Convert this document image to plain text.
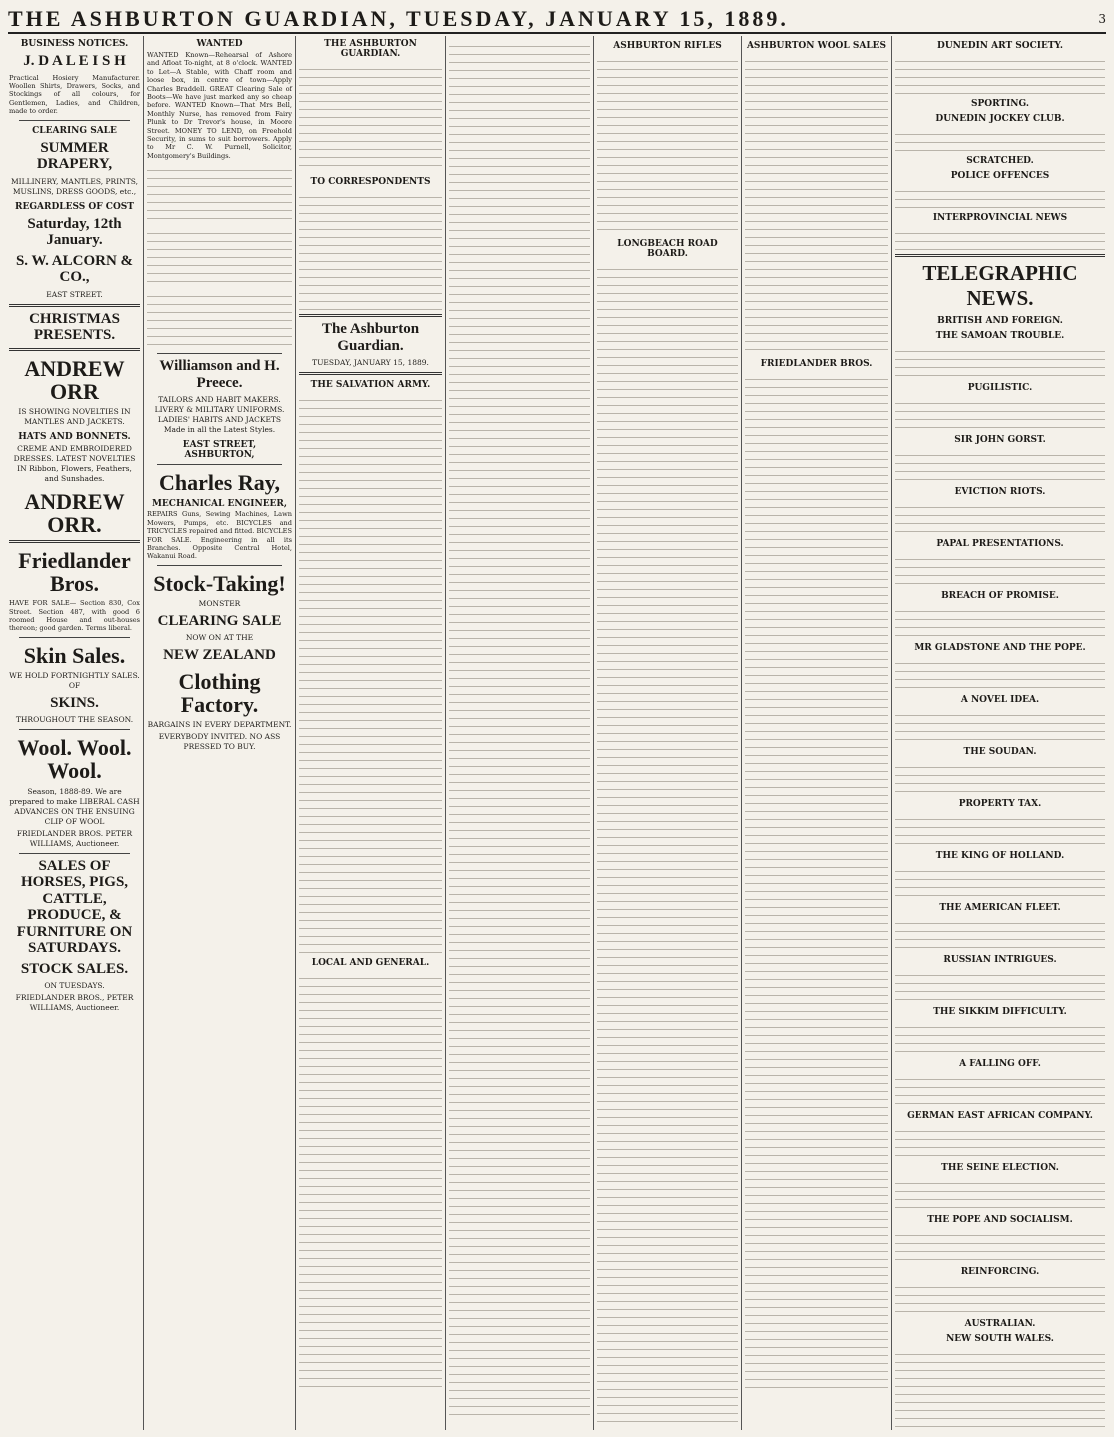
THE ASHBURTON GUARDIAN, TUESDAY, JANUARY 15, 1889.	3
BUSINESS NOTICES.
J. D A L E I S H

Practical Hosiery Manufacturer. Woollen Shirts, Drawers, Socks, and Stockings of all colours, for Gentlemen, Ladies, and Children, made to order.

CLEARING SALE
SUMMER DRAPERY,
MILLINERY, MANTLES, PRINTS, MUSLINS, DRESS GOODS, etc.,
REGARDLESS OF COST
Saturday, 12th January.
S. W. ALCORN & CO.,
EAST STREET.
CHRISTMAS PRESENTS.
ANDREW ORR
IS SHOWING NOVELTIES IN MANTLES AND JACKETS.
HATS AND BONNETS.
CREME AND EMBROIDERED DRESSES. LATEST NOVELTIES IN Ribbon, Flowers, Feathers, and Sunshades.
ANDREW ORR.
Friedlander Bros.

HAVE FOR SALE— Section 830, Cox Street. Section 487, with good 6 roomed House and out-houses thereon; good garden. Terms liberal.

Skin Sales.
WE HOLD FORTNIGHTLY SALES. OF
SKINS.
THROUGHOUT THE SEASON.
Wool. Wool. Wool.
Season, 1888-89. We are prepared to make LIBERAL CASH ADVANCES ON THE ENSUING CLIP OF WOOL
FRIEDLANDER BROS. PETER WILLIAMS, Auctioneer.
SALES OF HORSES, PIGS, CATTLE, PRODUCE, & FURNITURE ON SATURDAYS.
STOCK SALES.
ON TUESDAYS.
FRIEDLANDER BROS., PETER WILLIAMS, Auctioneer.
WANTED

WANTED Known—Rehearsal of Ashore and Afloat To-night, at 8 o'clock. WANTED to Let—A Stable, with Chaff room and loose box, in centre of town—Apply Charles Braddell. GREAT Clearing Sale of Boots—We have just marked any so cheap before. WANTED Known—That Mrs Bell, Monthly Nurse, has removed from Fairy Plunk to Dr Trevor's house, in Moore Street. MONEY TO LEND, on Freehold Security, in sums to suit borrowers. Apply to Mr C. W. Purnell, Solicitor, Montgomery's Buildings.

Williamson and H. Preece.
TAILORS AND HABIT MAKERS. LIVERY & MILITARY UNIFORMS. LADIES' HABITS AND JACKETS Made in all the Latest Styles.
EAST STREET, ASHBURTON,
Charles Ray,
MECHANICAL ENGINEER,

REPAIRS Guns, Sewing Machines, Lawn Mowers, Pumps, etc. BICYCLES and TRICYCLES repaired and fitted. BICYCLES FOR SALE. Engineering in all its Branches. Opposite Central Hotel, Wakanui Road.

Stock-Taking!
MONSTER
CLEARING SALE
NOW ON AT THE
NEW ZEALAND
Clothing Factory.
BARGAINS IN EVERY DEPARTMENT.
EVERYBODY INVITED. NO ASS PRESSED TO BUY.
THE ASHBURTON GUARDIAN.
TO CORRESPONDENTS
The Ashburton Guardian.
TUESDAY, JANUARY 15, 1889.
THE SALVATION ARMY.
LOCAL AND GENERAL.
ASHBURTON RIFLES
LONGBEACH ROAD BOARD.
ASHBURTON WOOL SALES
FRIEDLANDER BROS.
DUNEDIN ART SOCIETY.
SPORTING.
DUNEDIN JOCKEY CLUB.
SCRATCHED.
POLICE OFFENCES
INTERPROVINCIAL NEWS
TELEGRAPHIC NEWS.
BRITISH AND FOREIGN.
THE SAMOAN TROUBLE.
PUGILISTIC.
SIR JOHN GORST.
EVICTION RIOTS.
PAPAL PRESENTATIONS.
BREACH OF PROMISE.
MR GLADSTONE AND THE POPE.
A NOVEL IDEA.
THE SOUDAN.
PROPERTY TAX.
THE KING OF HOLLAND.
THE AMERICAN FLEET.
RUSSIAN INTRIGUES.
THE SIKKIM DIFFICULTY.
A FALLING OFF.
GERMAN EAST AFRICAN COMPANY.
THE SEINE ELECTION.
THE POPE AND SOCIALISM.
REINFORCING.
AUSTRALIAN.
NEW SOUTH WALES.
